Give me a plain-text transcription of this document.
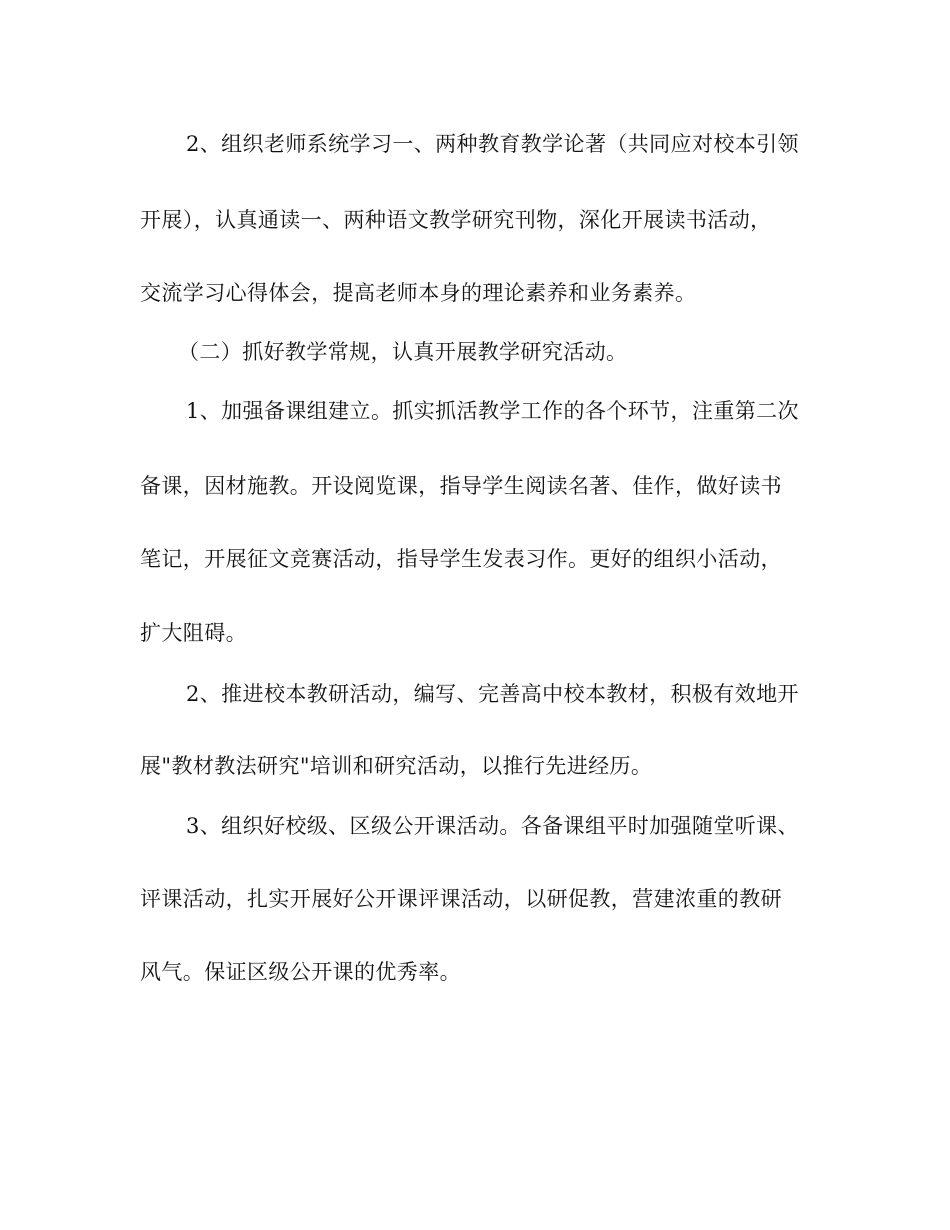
2、组织老师系统学习一、两种教育教学论著（共同应对校本引领
开展），认真通读一、两种语文教学研究刊物，深化开展读书活动，
交流学习心得体会，提高老师本身的理论素养和业务素养。
（二）抓好教学常规，认真开展教学研究活动。
1、加强备课组建立。抓实抓活教学工作的各个环节，注重第二次
备课，因材施教。开设阅览课，指导学生阅读名著、佳作，做好读书
笔记，开展征文竞赛活动，指导学生发表习作。更好的组织小活动，
扩大阻碍。
2、推进校本教研活动，编写、完善高中校本教材，积极有效地开
展"教材教法研究"培训和研究活动，以推行先进经历。
3、组织好校级、区级公开课活动。各备课组平时加强随堂听课、
评课活动，扎实开展好公开课评课活动，以研促教，营建浓重的教研
风气。保证区级公开课的优秀率。
